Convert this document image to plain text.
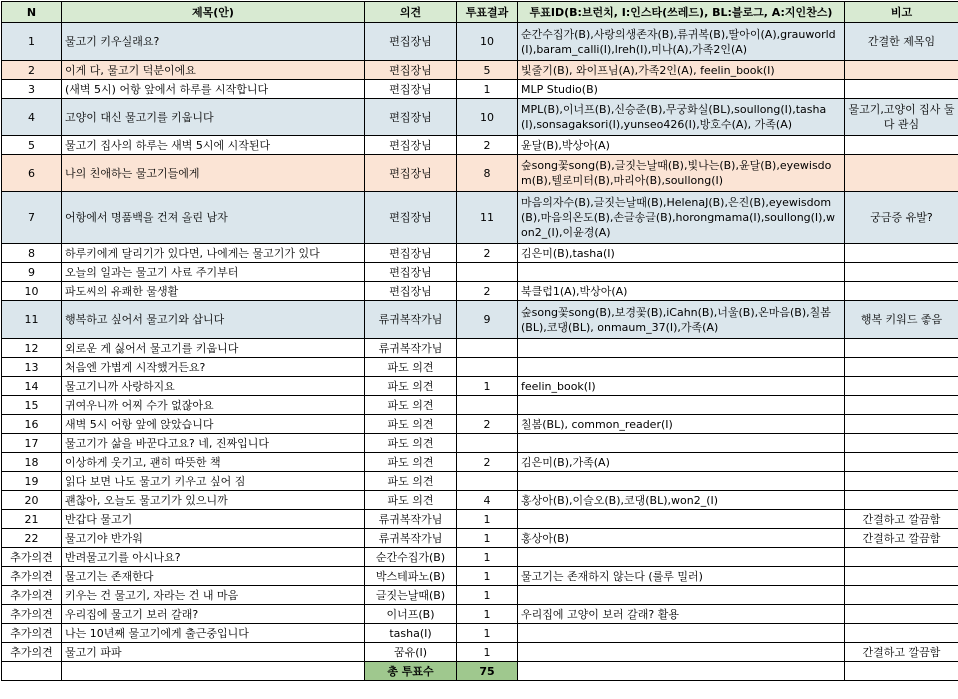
N	제목(안)	의견	투표결과	투표ID(B:브런치, I:인스타(쓰레드), BL:블로그, A:지인찬스)	비고
1	물고기 키우실래요?	편집장님	10	순간수집가(B),사랑의생존자(B),류귀복(B),딸아이(A),grauworld(I),baram_calli(I),lreh(I),미나(A),가족2인(A)	간결한 제목임
2	이게 다, 물고기 덕분이에요	편집장님	5	빛줄기(B), 와이프님(A),가족2인(A), feelin_book(I)	
3	(새벽 5시) 어항 앞에서 하루를 시작합니다	편집장님	1	MLP Studio(B)	
4	고양이 대신 물고기를 키웁니다	편집장님	10	MPL(B),이너프(B),신승준(B),무궁화실(BL),soullong(I),tasha(I),sonsagaksori(I),yunseo426(I),방호수(A), 가족(A)	물고기,고양이 집사 둘다 관심
5	물고기 집사의 하루는 새벽 5시에 시작된다	편집장님	2	윤달(B),박상아(A)	
6	나의 친애하는 물고기들에게	편집장님	8	숲song꽃song(B),글짓는날때(B),빛나는(B),윤달(B),eyewisdom(B),텔로미터(B),마리아(B),soullong(I)	
7	어항에서 명품백을 건져 올린 남자	편집장님	11	마음의자수(B),글짓는날때(B),HelenaJ(B),은진(B),eyewisdom(B),마음의온도(B),손글송글(B),horongmama(I),soullong(I),won2_(I),이윤경(A)	궁금증 유발?
8	하루키에게 달리기가 있다면, 나에게는 물고기가 있다	편집장님	2	김은미(B),tasha(I)	
9	오늘의 일과는 물고기 사료 주기부터	편집장님			
10	파도씨의 유쾌한 물생활	편집장님	2	북클럽1(A),박상아(A)	
11	행복하고 싶어서 물고기와 삽니다	류귀복작가님	9	숲song꽃song(B),보경꽃(B),iCahn(B),너울(B),온마음(B),칠봄(BL),코댕(BL), onmaum_37(I),가족(A)	행복 키워드 좋음
12	외로운 게 싫어서 물고기를 키웁니다	류귀복작가님			
13	처음엔 가볍게 시작했거든요?	파도 의견			
14	물고기니까 사랑하지요	파도 의견	1	feelin_book(I)	
15	귀여우니까 어찌 수가 없잖아요	파도 의견			
16	새벽 5시 어항 앞에 앉았습니다	파도 의견	2	칠봄(BL), common_reader(I)	
17	물고기가 삶을 바꾼다고요? 네, 진짜입니다	파도 의견			
18	이상하게 웃기고, 괜히 따뜻한 책	파도 의견	2	김은미(B),가족(A)	
19	읽다 보면 나도 물고기 키우고 싶어 짐	파도 의견			
20	괜찮아, 오늘도 물고기가 있으니까	파도 의견	4	홍상아(B),이슬오(B),코댕(BL),won2_(I)	
21	반갑다 물고기	류귀복작가님	1		간결하고 깔끔함
22	물고기야 반가워	류귀복작가님	1	홍상아(B)	간결하고 깔끔함
추가의견	반려물고기를 아시나요?	순간수집가(B)	1		
추가의견	물고기는 존재한다	박스테파노(B)	1	물고기는 존재하지 않는다 (룰루 밀러)	
추가의견	키우는 건 물고기, 자라는 건 내 마음	글짓는날때(B)	1		
추가의견	우리집에 물고기 보러 갈래?	이너프(B)	1	우리집에 고양이 보러 갈래? 활용	
추가의견	나는 10년째 물고기에게 출근중입니다	tasha(I)	1		
추가의견	물고기 파파	꿈유(I)	1		간결하고 깔끔함
		총 투표수	75		
